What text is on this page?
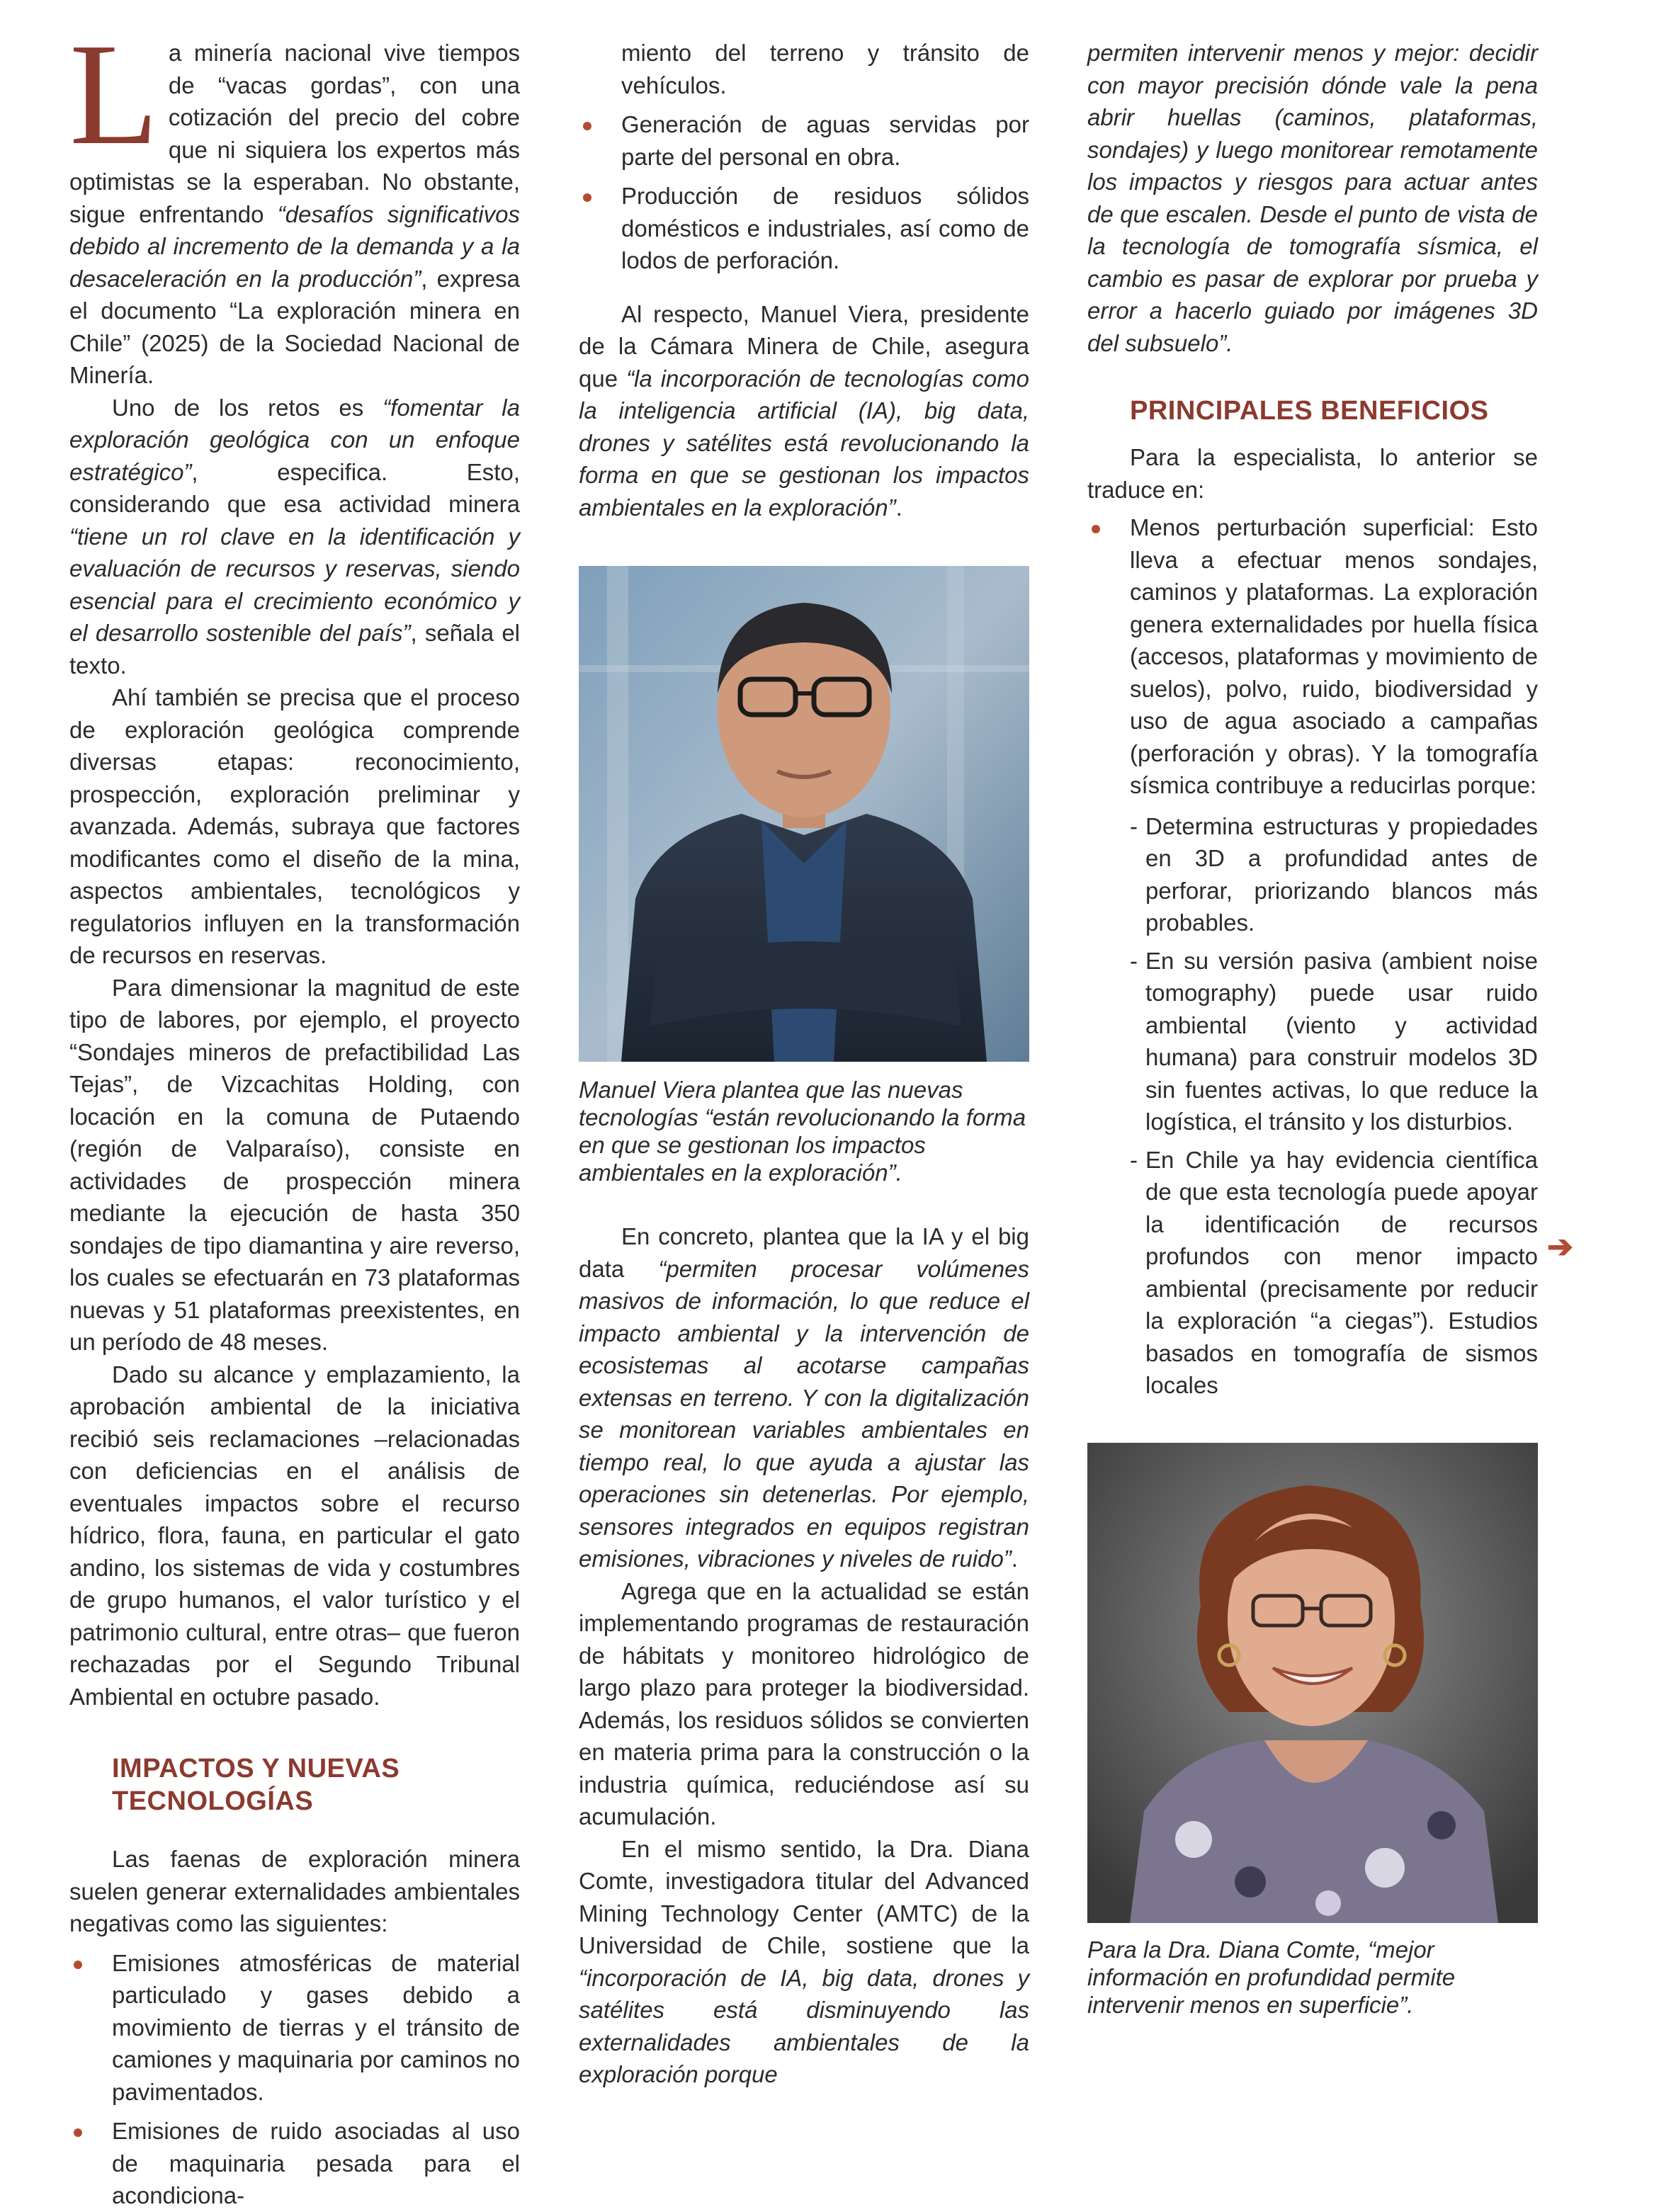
L a minería nacional vive tiempos de “vacas gordas”, con una cotización del precio del cobre que ni siquiera los expertos más optimistas se la esperaban. No obstante, sigue enfrentando “desafíos significativos debido al incremento de la demanda y a la desaceleración en la producción”, expresa el documento “La exploración minera en Chile” (2025) de la Sociedad Nacional de Minería.

Uno de los retos es “fomentar la exploración geológica con un enfoque estratégico”, especifica. Esto, considerando que esa actividad minera “tiene un rol clave en la identificación y evaluación de recursos y reservas, siendo esencial para el crecimiento económico y el desarrollo sostenible del país”, señala el texto.

Ahí también se precisa que el proceso de exploración geológica comprende diversas etapas: reconocimiento, prospección, exploración preliminar y avanzada. Además, subraya que factores modificantes como el diseño de la mina, aspectos ambientales, tecnológicos y regulatorios influyen en la transformación de recursos en reservas.

Para dimensionar la magnitud de este tipo de labores, por ejemplo, el proyecto “Sondajes mineros de prefactibilidad Las Tejas”, de Vizcachitas Holding, con locación en la comuna de Putaendo (región de Valparaíso), consiste en actividades de prospección minera mediante la ejecución de hasta 350 sondajes de tipo diamantina y aire reverso, los cuales se efectuarán en 73 plataformas nuevas y 51 plataformas preexistentes, en un período de 48 meses.

Dado su alcance y emplazamiento, la aprobación ambiental de la iniciativa recibió seis reclamaciones –relacionadas con deficiencias en el análisis de eventuales impactos sobre el recurso hídrico, flora, fauna, en particular el gato andino, los sistemas de vida y costumbres de grupo humanos, el valor turístico y el patrimonio cultural, entre otras– que fueron rechazadas por el Segundo Tribunal Ambiental en octubre pasado.

IMPACTOS Y NUEVAS
TECNOLOGÍAS

Las faenas de exploración minera suelen generar externalidades ambientales negativas como las siguientes:

Emisiones atmosféricas de material particulado y gases debido a movimiento de tierras y el tránsito de camiones y maquinaria por caminos no pavimentados.
Emisiones de ruido asociadas al uso de maquinaria pesada para el acondiciona-

miento del terreno y tránsito de vehículos.

Generación de aguas servidas por parte del personal en obra.
Producción de residuos sólidos domésticos e industriales, así como de lodos de perforación.

Al respecto, Manuel Viera, presidente de la Cámara Minera de Chile, asegura que “la incorporación de tecnologías como la inteligencia artificial (IA), big data, drones y satélites está revolucionando la forma en que se gestionan los impactos ambientales en la exploración”.

Manuel Viera plantea que las nuevas tecnologías “están revolucionando la forma en que se gestionan los impactos ambientales en la exploración”.

En concreto, plantea que la IA y el big data “permiten procesar volúmenes masivos de información, lo que reduce el impacto ambiental y la intervención de ecosistemas al acotarse campañas extensas en terreno. Y con la digitalización se monitorean variables ambientales en tiempo real, lo que ayuda a ajustar las operaciones sin detenerlas. Por ejemplo, sensores integrados en equipos registran emisiones, vibraciones y niveles de ruido”.

Agrega que en la actualidad se están implementando programas de restauración de hábitats y monitoreo hidrológico de largo plazo para proteger la biodiversidad. Además, los residuos sólidos se convierten en materia prima para la construcción o la industria química, reduciéndose así su acumulación.

En el mismo sentido, la Dra. Diana Comte, investigadora titular del Advanced Mining Technology Center (AMTC) de la Universidad de Chile, sostiene que la “incorporación de IA, big data, drones y satélites está disminuyendo las externalidades ambientales de la exploración porque

permiten intervenir menos y mejor: decidir con mayor precisión dónde vale la pena abrir huellas (caminos, plataformas, sondajes) y luego monitorear remotamente los impactos y riesgos para actuar antes de que escalen. Desde el punto de vista de la tecnología de tomografía sísmica, el cambio es pasar de explorar por prueba y error a hacerlo guiado por imágenes 3D del subsuelo”.

PRINCIPALES BENEFICIOS

Para la especialista, lo anterior se traduce en:

Menos perturbación superficial: Esto lleva a efectuar menos sondajes, caminos y plataformas. La exploración genera externalidades por huella física (accesos, plataformas y movimiento de suelos), polvo, ruido, biodiversidad y uso de agua asociado a campañas (perforación y obras). Y la tomografía sísmica contribuye a reducirlas porque:
- Determina estructuras y propiedades en 3D a profundidad antes de perforar, priorizando blancos más probables.
- En su versión pasiva (ambient noise tomography) puede usar ruido ambiental (viento y actividad humana) para construir modelos 3D sin fuentes activas, lo que reduce la logística, el tránsito y los disturbios.
- En Chile ya hay evidencia científica de que esta tecnología puede apoyar la identificación de recursos profundos con menor impacto ambiental (precisamente por reducir la exploración “a ciegas”). Estudios basados en tomografía de sismos locales

Para la Dra. Diana Comte, “mejor información en profundidad permite intervenir menos en superficie”.

➔
